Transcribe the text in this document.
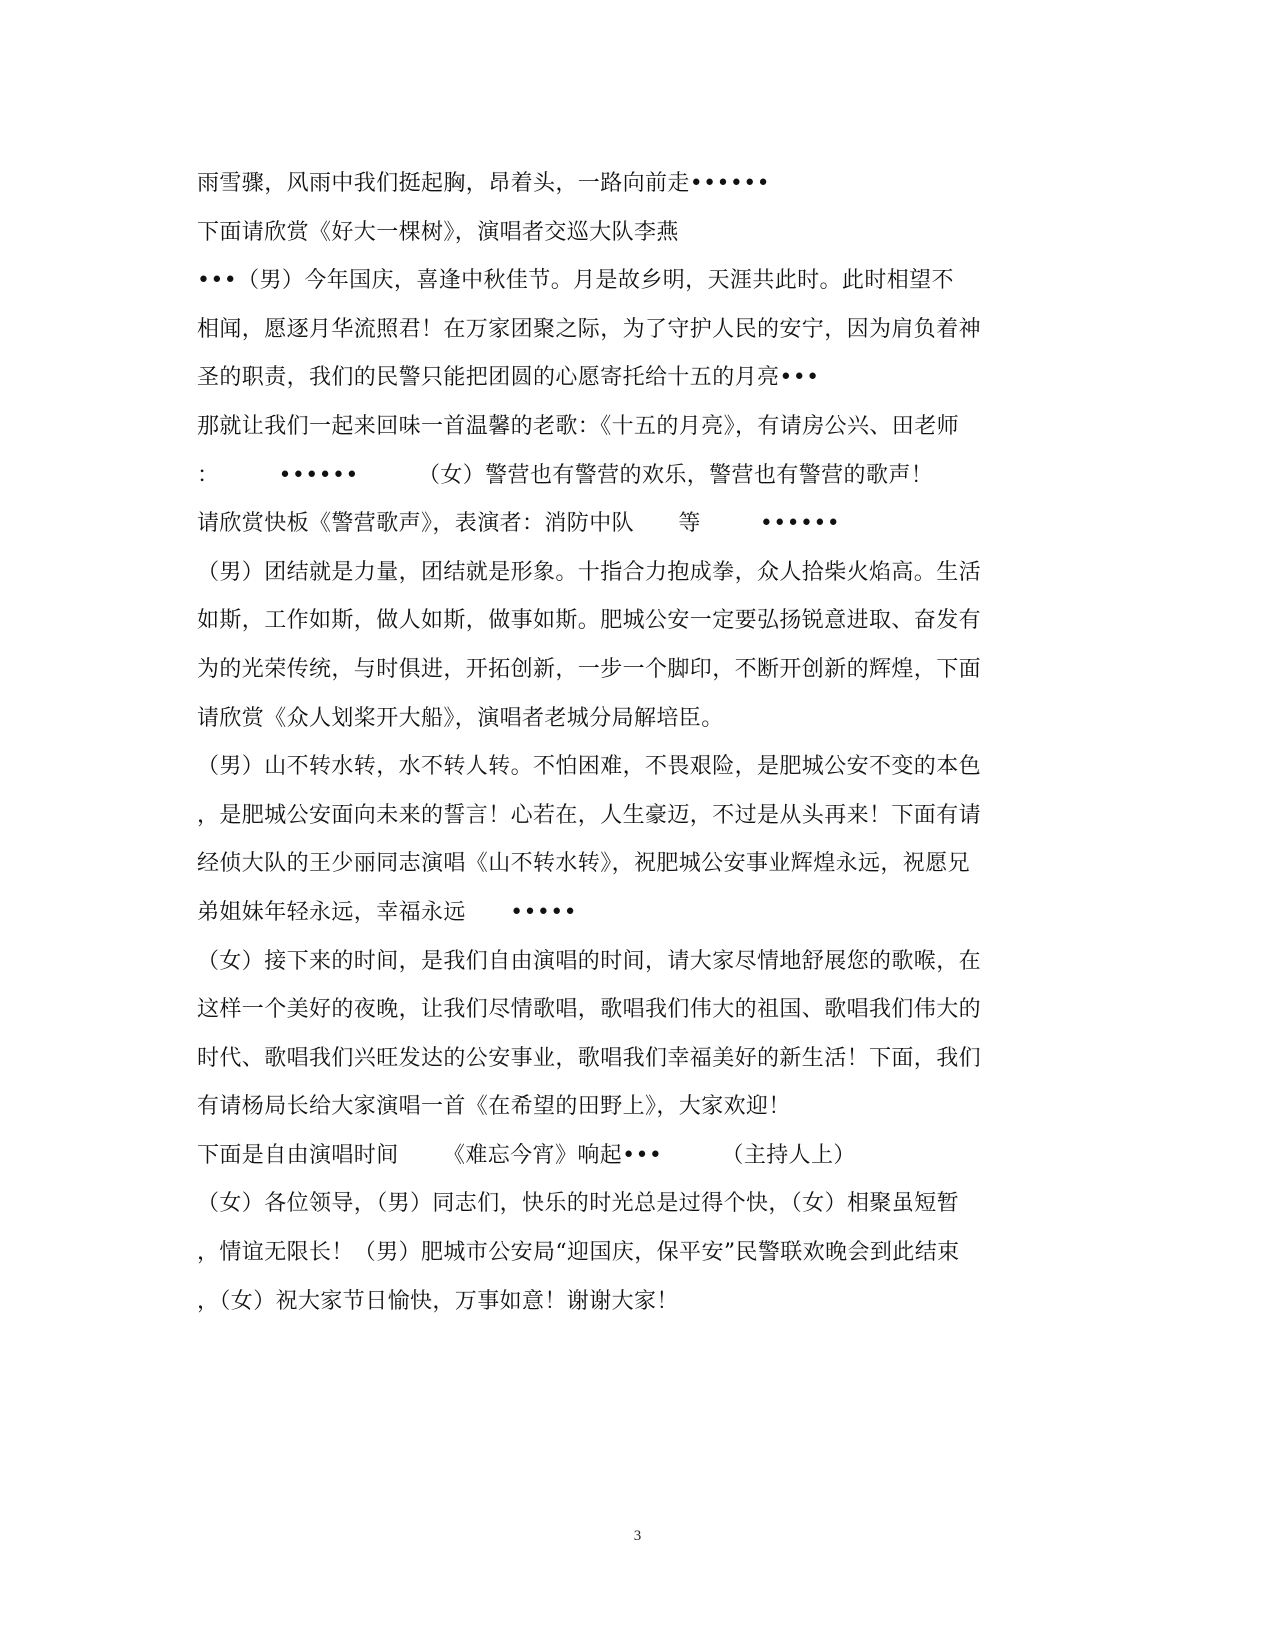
雨雪骤，风雨中我们挺起胸，昂着头，一路向前走••••••
下面请欣赏《好大一棵树》，演唱者交巡大队李燕
•••（男）今年国庆，喜逢中秋佳节。月是故乡明，天涯共此时。此时相望不
相闻，愿逐月华流照君！在万家团聚之际，为了守护人民的安宁，因为肩负着神
圣的职责，我们的民警只能把团圆的心愿寄托给十五的月亮•••
那就让我们一起来回味一首温馨的老歌：《十五的月亮》，有请房公兴、田老师
：        ••••••        （女）警营也有警营的欢乐，警营也有警营的歌声！
请欣赏快板《警营歌声》，表演者：消防中队      等        ••••••
（男）团结就是力量，团结就是形象。十指合力抱成拳，众人拾柴火焰高。生活
如斯，工作如斯，做人如斯，做事如斯。肥城公安一定要弘扬锐意进取、奋发有
为的光荣传统，与时俱进，开拓创新，一步一个脚印，不断开创新的辉煌，下面
请欣赏《众人划桨开大船》，演唱者老城分局解培臣。
（男）山不转水转，水不转人转。不怕困难，不畏艰险，是肥城公安不变的本色
，是肥城公安面向未来的誓言！心若在，人生豪迈，不过是从头再来！下面有请
经侦大队的王少丽同志演唱《山不转水转》，祝肥城公安事业辉煌永远，祝愿兄
弟姐妹年轻永远，幸福永远      •••••
（女）接下来的时间，是我们自由演唱的时间，请大家尽情地舒展您的歌喉，在
这样一个美好的夜晚，让我们尽情歌唱，歌唱我们伟大的祖国、歌唱我们伟大的
时代、歌唱我们兴旺发达的公安事业，歌唱我们幸福美好的新生活！下面，我们
有请杨局长给大家演唱一首《在希望的田野上》，大家欢迎！
下面是自由演唱时间      《难忘今宵》响起•••        （主持人上）
（女）各位领导，（男）同志们，快乐的时光总是过得个快，（女）相聚虽短暂
，情谊无限长！（男）肥城市公安局“迎国庆，保平安”民警联欢晚会到此结束
，（女）祝大家节日愉快，万事如意！谢谢大家！
3
